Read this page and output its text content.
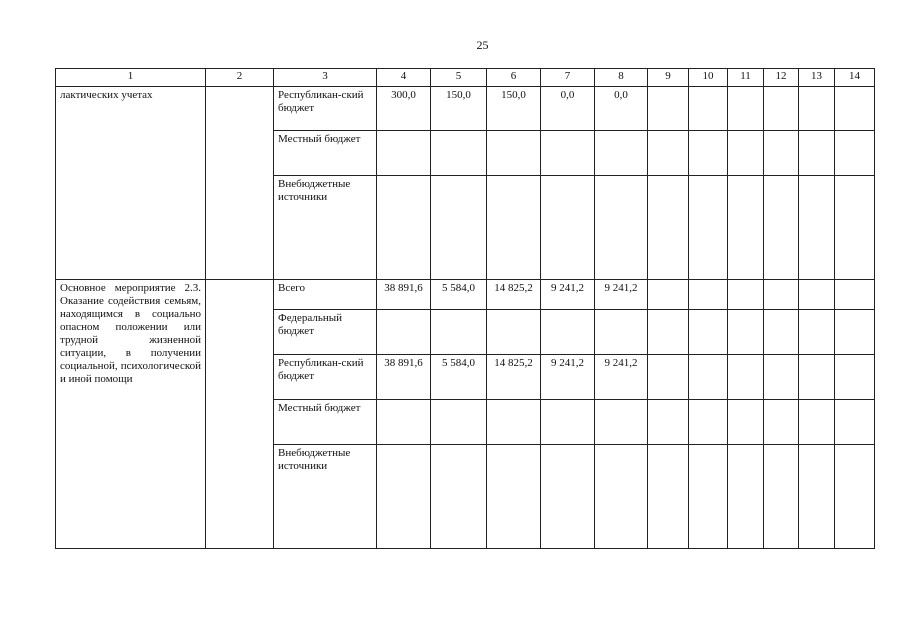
25
1	2	3	4	5	6	7	8	9	10	11	12	13	14
лактических учетах		Республикан-ский бюджет	300,0	150,0	150,0	0,0	0,0						
		Местный бюджет											
		Внебюджетные источники											
Основное мероприятие 2.3. Оказание содействия семьям, находящимся в социально опасном положении или трудной жизненной ситуации, в получении социальной, психологической и иной помощи		Всего	38 891,6	5 584,0	14 825,2	9 241,2	9 241,2						
		Федеральный бюджет											
		Республикан-ский бюджет	38 891,6	5 584,0	14 825,2	9 241,2	9 241,2						
		Местный бюджет											
		Внебюджетные источники											
